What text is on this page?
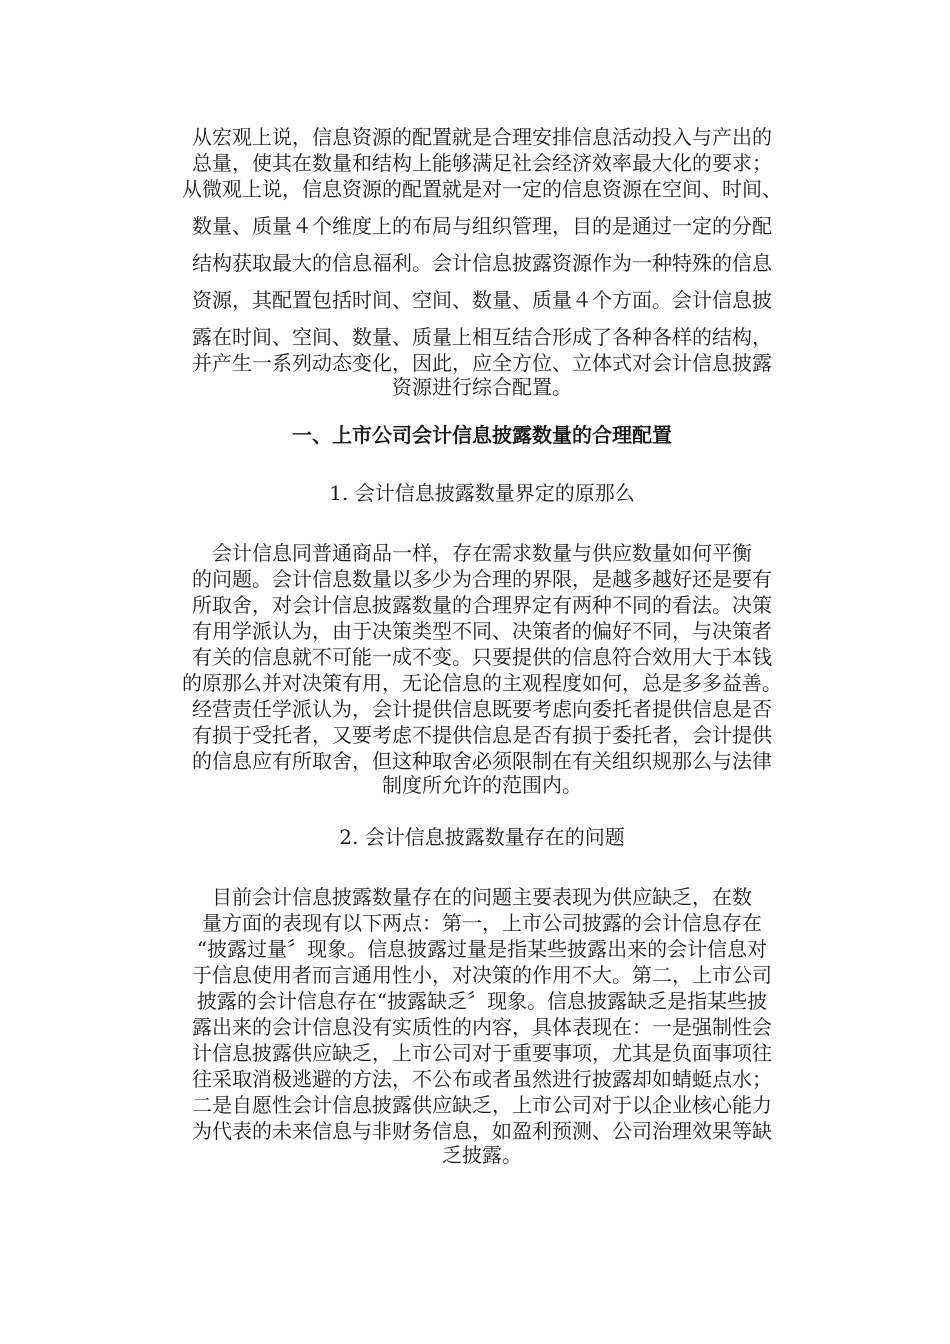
从宏观上说，信息资源的配置就是合理安排信息活动投入与产出的
总量，使其在数量和结构上能够满足社会经济效率最大化的要求；
从微观上说，信息资源的配置就是对一定的信息资源在空间、时间、
数量、质量４个维度上的布局与组织管理，目的是通过一定的分配
结构获取最大的信息福利。会计信息披露资源作为一种特殊的信息
资源，其配置包括时间、空间、数量、质量４个方面。会计信息披
露在时间、空间、数量、质量上相互结合形成了各种各样的结构，
并产生一系列动态变化，因此，应全方位、立体式对会计信息披露
资源进行综合配置。
一、上市公司会计信息披露数量的合理配置
1. 会计信息披露数量界定的原那么
会计信息同普通商品一样，存在需求数量与供应数量如何平衡
的问题。会计信息数量以多少为合理的界限，是越多越好还是要有
所取舍，对会计信息披露数量的合理界定有两种不同的看法。决策
有用学派认为，由于决策类型不同、决策者的偏好不同，与决策者
有关的信息就不可能一成不变。只要提供的信息符合效用大于本钱
的原那么并对决策有用，无论信息的主观程度如何，总是多多益善。
经营责任学派认为，会计提供信息既要考虑向委托者提供信息是否
有损于受托者，又要考虑不提供信息是否有损于委托者，会计提供
的信息应有所取舍，但这种取舍必须限制在有关组织规那么与法律
制度所允许的范围内。
2. 会计信息披露数量存在的问题
目前会计信息披露数量存在的问题主要表现为供应缺乏，在数
量方面的表现有以下两点：第一，上市公司披露的会计信息存在
“披露过量〞现象。信息披露过量是指某些披露出来的会计信息对
于信息使用者而言通用性小，对决策的作用不大。第二，上市公司
披露的会计信息存在“披露缺乏〞现象。信息披露缺乏是指某些披
露出来的会计信息没有实质性的内容，具体表现在：一是强制性会
计信息披露供应缺乏，上市公司对于重要事项，尤其是负面事项往
往采取消极逃避的方法，不公布或者虽然进行披露却如蜻蜓点水；
二是自愿性会计信息披露供应缺乏，上市公司对于以企业核心能力
为代表的未来信息与非财务信息，如盈利预测、公司治理效果等缺
乏披露。
